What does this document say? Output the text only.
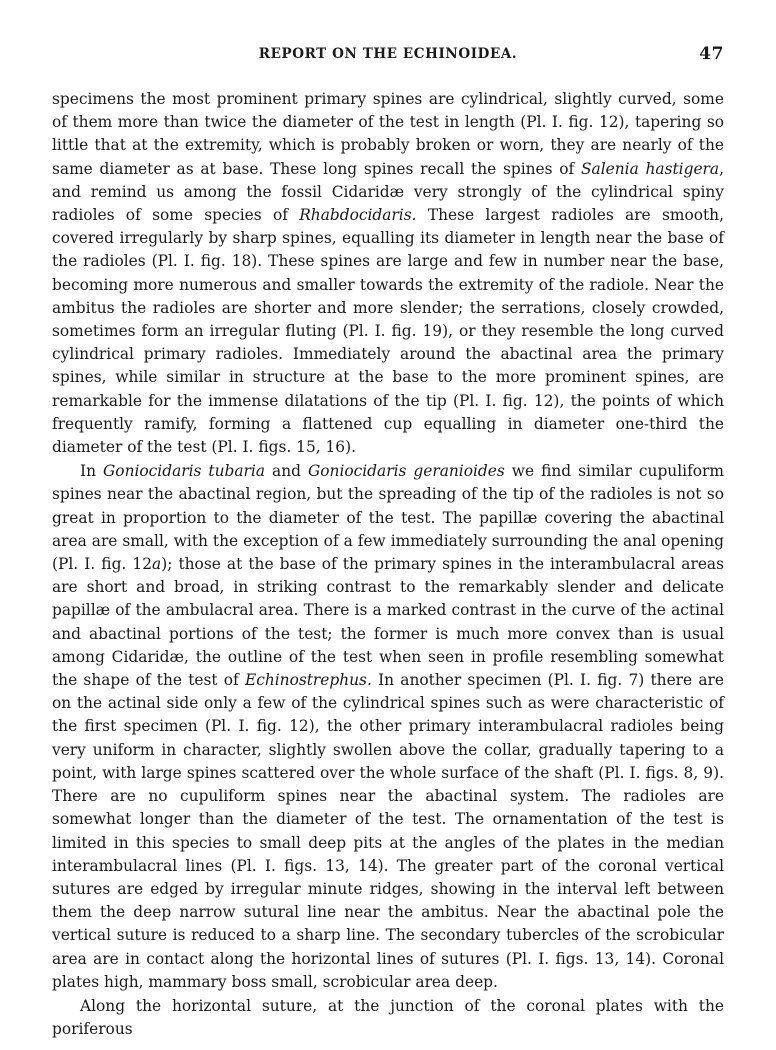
REPORT ON THE ECHINOIDEA.	47

specimens the most prominent primary spines are cylindrical, slightly curved, some of them more than twice the diameter of the test in length (Pl. I. fig. 12), tapering so little that at the extremity, which is probably broken or worn, they are nearly of the same diameter as at base. These long spines recall the spines of Salenia hastigera, and remind us among the fossil Cidaridæ very strongly of the cylindrical spiny radioles of some species of Rhabdocidaris. These largest radioles are smooth, covered irregularly by sharp spines, equalling its diameter in length near the base of the radioles (Pl. I. fig. 18). These spines are large and few in number near the base, becoming more numerous and smaller towards the extremity of the radiole. Near the ambitus the radioles are shorter and more slender; the serrations, closely crowded, sometimes form an irregular fluting (Pl. I. fig. 19), or they resemble the long curved cylindrical primary radioles. Immediately around the abactinal area the primary spines, while similar in structure at the base to the more prominent spines, are remarkable for the immense dilatations of the tip (Pl. I. fig. 12), the points of which frequently ramify, forming a flattened cup equalling in diameter one-third the diameter of the test (Pl. I. figs. 15, 16).

In Goniocidaris tubaria and Goniocidaris geranioides we find similar cupuliform spines near the abactinal region, but the spreading of the tip of the radioles is not so great in proportion to the diameter of the test. The papillæ covering the abactinal area are small, with the exception of a few immediately surrounding the anal opening (Pl. I. fig. 12a); those at the base of the primary spines in the interambulacral areas are short and broad, in striking contrast to the remarkably slender and delicate papillæ of the ambulacral area. There is a marked contrast in the curve of the actinal and abactinal portions of the test; the former is much more convex than is usual among Cidaridæ, the outline of the test when seen in profile resembling somewhat the shape of the test of Echinostrephus. In another specimen (Pl. I. fig. 7) there are on the actinal side only a few of the cylindrical spines such as were characteristic of the first specimen (Pl. I. fig. 12), the other primary interambulacral radioles being very uniform in character, slightly swollen above the collar, gradually tapering to a point, with large spines scattered over the whole surface of the shaft (Pl. I. figs. 8, 9). There are no cupuliform spines near the abactinal system. The radioles are somewhat longer than the diameter of the test. The ornamentation of the test is limited in this species to small deep pits at the angles of the plates in the median interambulacral lines (Pl. I. figs. 13, 14). The greater part of the coronal vertical sutures are edged by irregular minute ridges, showing in the interval left between them the deep narrow sutural line near the ambitus. Near the abactinal pole the vertical suture is reduced to a sharp line. The secondary tubercles of the scrobicular area are in contact along the horizontal lines of sutures (Pl. I. figs. 13, 14). Coronal plates high, mammary boss small, scrobicular area deep.

Along the horizontal suture, at the junction of the coronal plates with the poriferous
